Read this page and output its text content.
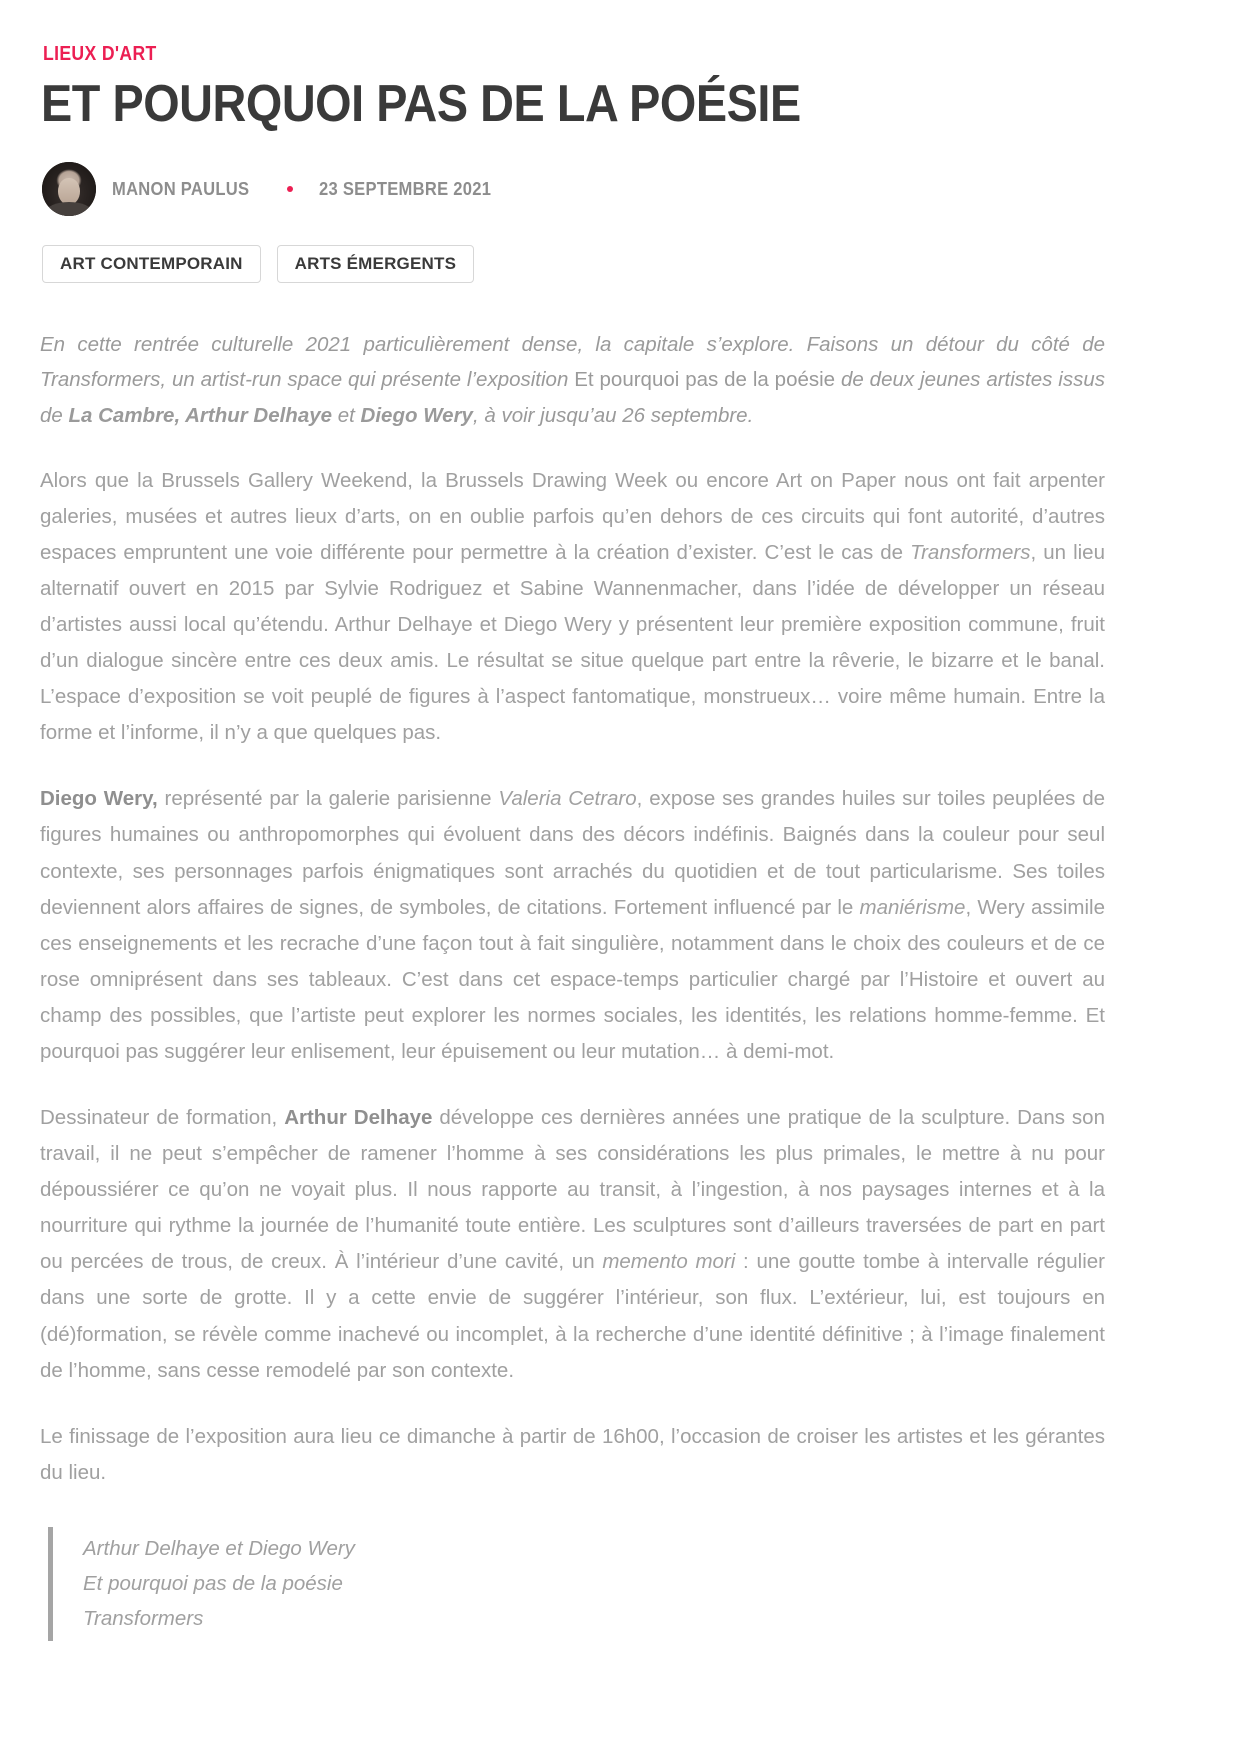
LIEUX D'ART
ET POURQUOI PAS DE LA POÉSIE
MANON PAULUS	23 SEPTEMBRE 2021
ART CONTEMPORAIN	ARTS ÉMERGENTS

En cette rentrée culturelle 2021 particulièrement dense, la capitale s’explore. Faisons un détour du côté de Transformers, un artist-run space qui présente l’exposition Et pourquoi pas de la poésie de deux jeunes artistes issus de La Cambre, Arthur Delhaye et Diego Wery, à voir jusqu’au 26 septembre.

Alors que la Brussels Gallery Weekend, la Brussels Drawing Week ou encore Art on Paper nous ont fait arpenter galeries, musées et autres lieux d’arts, on en oublie parfois qu’en dehors de ces circuits qui font autorité, d’autres espaces empruntent une voie différente pour permettre à la création d’exister. C’est le cas de Transformers, un lieu alternatif ouvert en 2015 par Sylvie Rodriguez et Sabine Wannenmacher, dans l’idée de développer un réseau d’artistes aussi local qu’étendu. Arthur Delhaye et Diego Wery y présentent leur première exposition commune, fruit d’un dialogue sincère entre ces deux amis. Le résultat se situe quelque part entre la rêverie, le bizarre et le banal. L’espace d’exposition se voit peuplé de figures à l’aspect fantomatique, monstrueux… voire même humain. Entre la forme et l’informe, il n’y a que quelques pas.

Diego Wery, représenté par la galerie parisienne Valeria Cetraro, expose ses grandes huiles sur toiles peuplées de figures humaines ou anthropomorphes qui évoluent dans des décors indéfinis. Baignés dans la couleur pour seul contexte, ses personnages parfois énigmatiques sont arrachés du quotidien et de tout particularisme. Ses toiles deviennent alors affaires de signes, de symboles, de citations. Fortement influencé par le maniérisme, Wery assimile ces enseignements et les recrache d’une façon tout à fait singulière, notamment dans le choix des couleurs et de ce rose omniprésent dans ses tableaux. C’est dans cet espace-temps particulier chargé par l’Histoire et ouvert au champ des possibles, que l’artiste peut explorer les normes sociales, les identités, les relations homme-femme. Et pourquoi pas suggérer leur enlisement, leur épuisement ou leur mutation… à demi-mot.

Dessinateur de formation, Arthur Delhaye développe ces dernières années une pratique de la sculpture. Dans son travail, il ne peut s’empêcher de ramener l’homme à ses considérations les plus primales, le mettre à nu pour dépoussiérer ce qu’on ne voyait plus. Il nous rapporte au transit, à l’ingestion, à nos paysages internes et à la nourriture qui rythme la journée de l’humanité toute entière. Les sculptures sont d’ailleurs traversées de part en part ou percées de trous, de creux. À l’intérieur d’une cavité, un memento mori : une goutte tombe à intervalle régulier dans une sorte de grotte. Il y a cette envie de suggérer l’intérieur, son flux. L’extérieur, lui, est toujours en (dé)formation, se révèle comme inachevé ou incomplet, à la recherche d’une identité définitive ; à l’image finalement de l’homme, sans cesse remodelé par son contexte.

Le finissage de l’exposition aura lieu ce dimanche à partir de 16h00, l’occasion de croiser les artistes et les gérantes du lieu.

Arthur Delhaye et Diego Wery
Et pourquoi pas de la poésie
Transformers
